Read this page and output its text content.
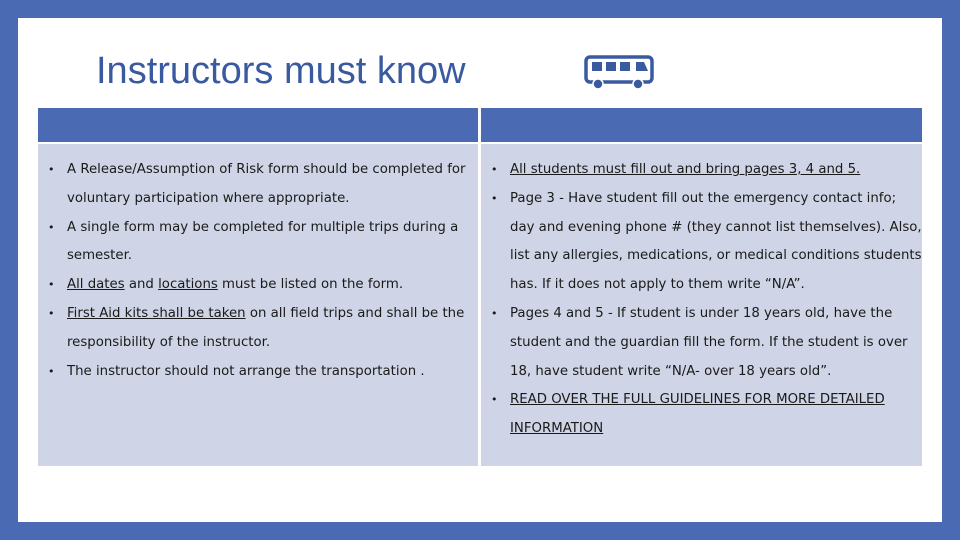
Instructors must know

• A Release/Assumption of Risk form should be completed for voluntary participation where appropriate.

• A single form may be completed for multiple trips during a semester.

• All dates and locations must be listed on the form.

• First Aid kits shall be taken on all field trips and shall be the responsibility of the instructor.

• The instructor should not arrange the transportation .

• All students must fill out and bring pages 3, 4 and 5.

• Page 3 - Have student fill out the emergency contact info; day and evening phone # (they cannot list themselves). Also, list any allergies, medications, or medical conditions students has. If it does not apply to them write “N/A”.

• Pages 4 and 5 - If student is under 18 years old, have the student and the guardian fill the form. If the student is over 18, have student write “N/A- over 18 years old”.

• READ OVER THE FULL GUIDELINES FOR MORE DETAILED INFORMATION
